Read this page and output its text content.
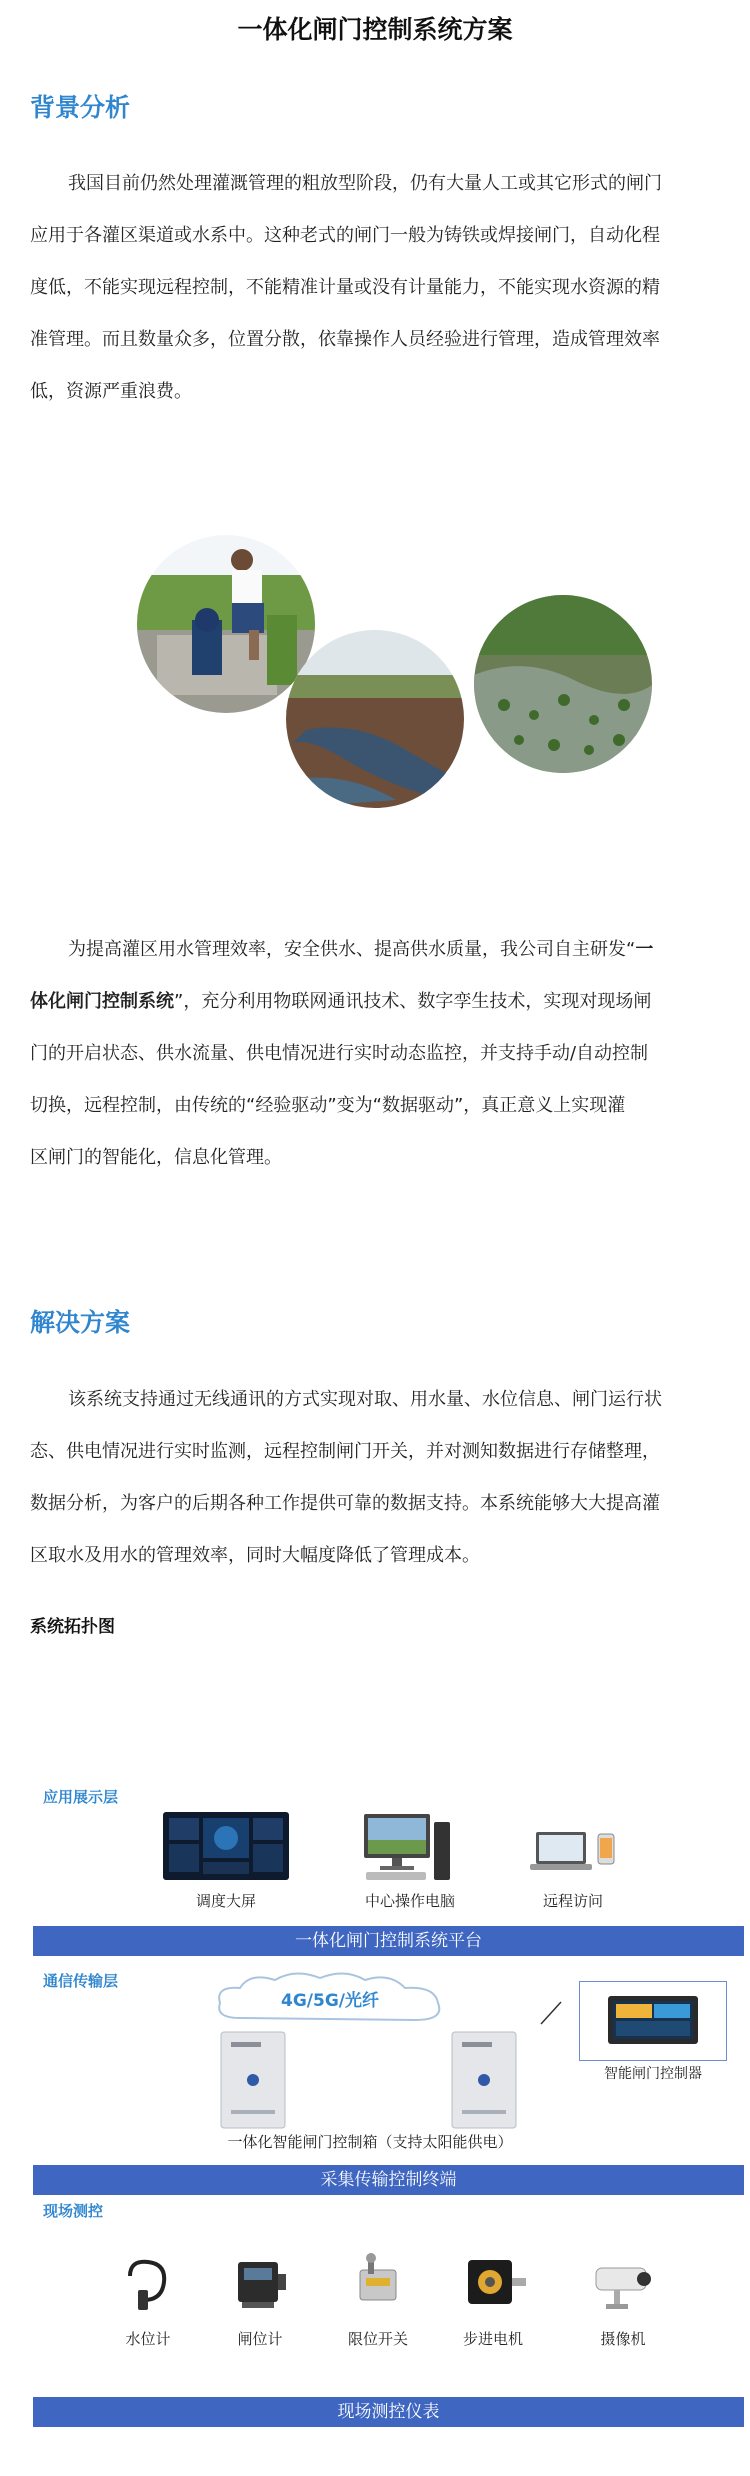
一体化闸门控制系统方案
背景分析
我国目前仍然处理灌溉管理的粗放型阶段，仍有大量人工或其它形式的闸门
应用于各灌区渠道或水系中。这种老式的闸门一般为铸铁或焊接闸门，自动化程
度低，不能实现远程控制，不能精准计量或没有计量能力，不能实现水资源的精
准管理。而且数量众多，位置分散，依靠操作人员经验进行管理，造成管理效率
低，资源严重浪费。
为提高灌区用水管理效率，安全供水、提高供水质量，我公司自主研发“一
体化闸门控制系统”，充分利用物联网通讯技术、数字孪生技术，实现对现场闸
门的开启状态、供水流量、供电情况进行实时动态监控，并支持手动/自动控制
切换，远程控制，由传统的“经验驱动”变为“数据驱动”，真正意义上实现灌
区闸门的智能化，信息化管理。
解决方案
该系统支持通过无线通讯的方式实现对取、用水量、水位信息、闸门运行状
态、供电情况进行实时监测，远程控制闸门开关，并对测知数据进行存储整理，
数据分析，为客户的后期各种工作提供可靠的数据支持。本系统能够大大提高灌
区取水及用水的管理效率，同时大幅度降低了管理成本。
系统拓扑图
应用展示层
调度大屏	中心操作电脑	远程访问
一体化闸门控制系统平台
通信传输层
4G/5G/光纤
智能闸门控制器
一体化智能闸门控制箱（支持太阳能供电）
采集传输控制终端
现场测控
水位计	闸位计	限位开关	步进电机	摄像机
现场测控仪表
